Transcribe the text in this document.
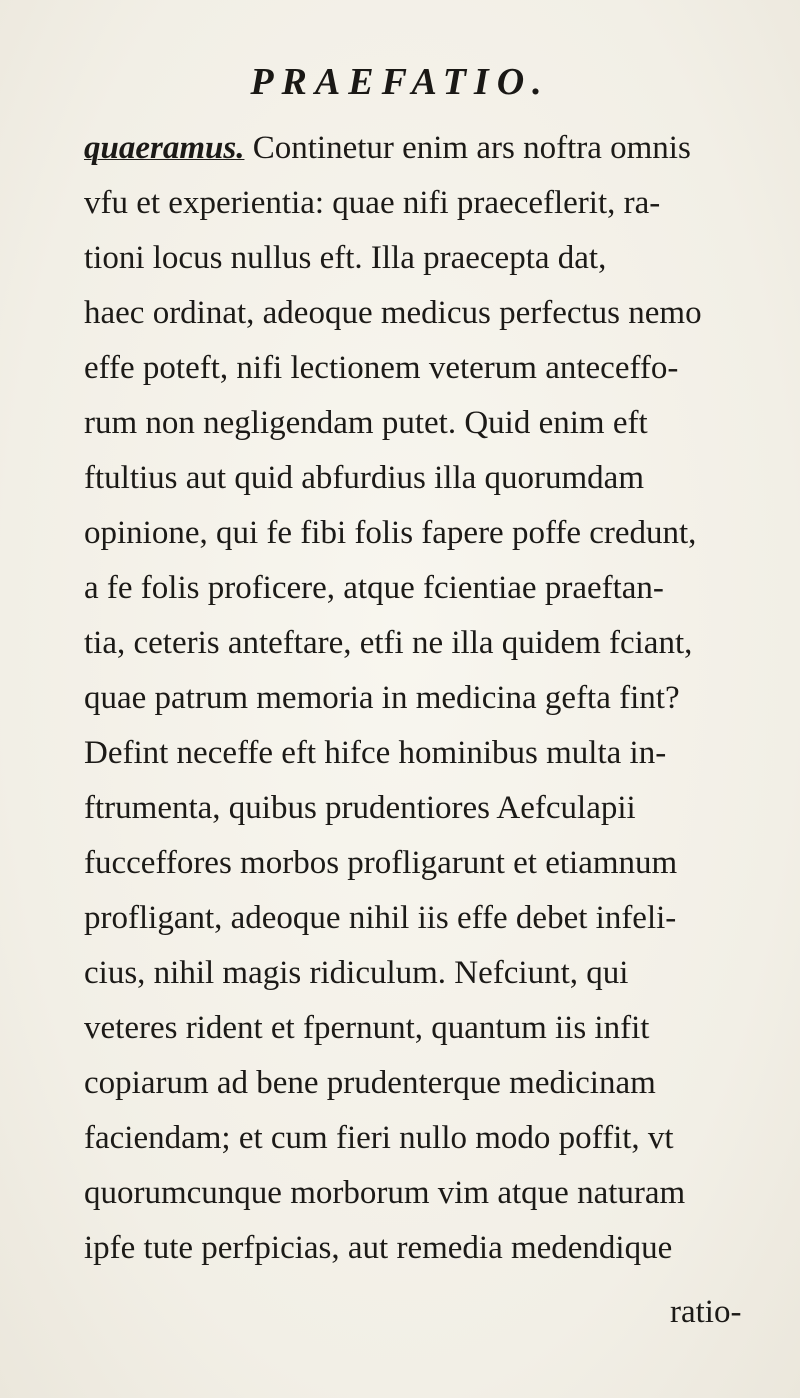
PRAEFATIO.
quaeramus. Continetur enim ars noftra omnis
vfu et experientia: quae nifi praeceflerit, ra-
tioni locus nullus eft. Illa praecepta dat,
haec ordinat, adeoque medicus perfectus nemo
effe poteft, nifi lectionem veterum anteceffo-
rum non negligendam putet. Quid enim eft
ftultius aut quid abfurdius illa quorumdam
opinione, qui fe fibi folis fapere poffe credunt,
a fe folis proficere, atque fcientiae praeftan-
tia, ceteris anteftare, etfi ne illa quidem fciant,
quae patrum memoria in medicina gefta fint?
Defint neceffe eft hifce hominibus multa in-
ftrumenta, quibus prudentiores Aefculapii
fucceffores morbos profligarunt et etiamnum
profligant, adeoque nihil iis effe debet infeli-
cius, nihil magis ridiculum. Nefciunt, qui
veteres rident et fpernunt, quantum iis infit
copiarum ad bene prudenterque medicinam
faciendam; et cum fieri nullo modo poffit, vt
quorumcunque morborum vim atque naturam
ipfe tute perfpicias, aut remedia medendique
ratio-
